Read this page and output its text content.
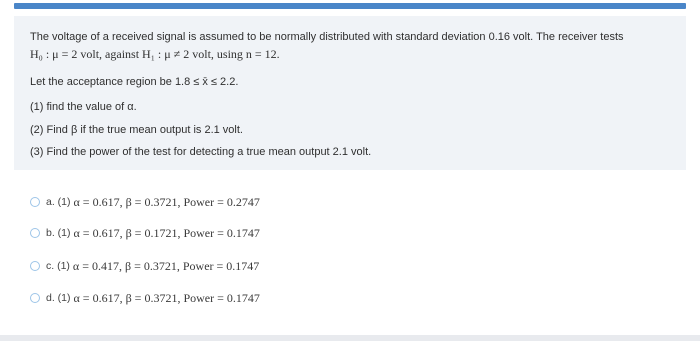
The voltage of a received signal is assumed to be normally distributed with standard deviation 0.16 volt. The receiver tests
H₀ : μ = 2 volt, against H₁ : μ ≠ 2 volt, using n = 12.
Let the acceptance region be 1.8 ≤ x̄ ≤ 2.2.
(1) find the value of α.
(2) Find β if the true mean output is 2.1 volt.
(3) Find the power of the test for detecting a true mean output 2.1 volt.
a. (1) α = 0.617, β = 0.3721, Power = 0.2747
b. (1) α = 0.617, β = 0.1721, Power = 0.1747
c. (1) α = 0.417, β = 0.3721, Power = 0.1747
d. (1) α = 0.617, β = 0.3721, Power = 0.1747
